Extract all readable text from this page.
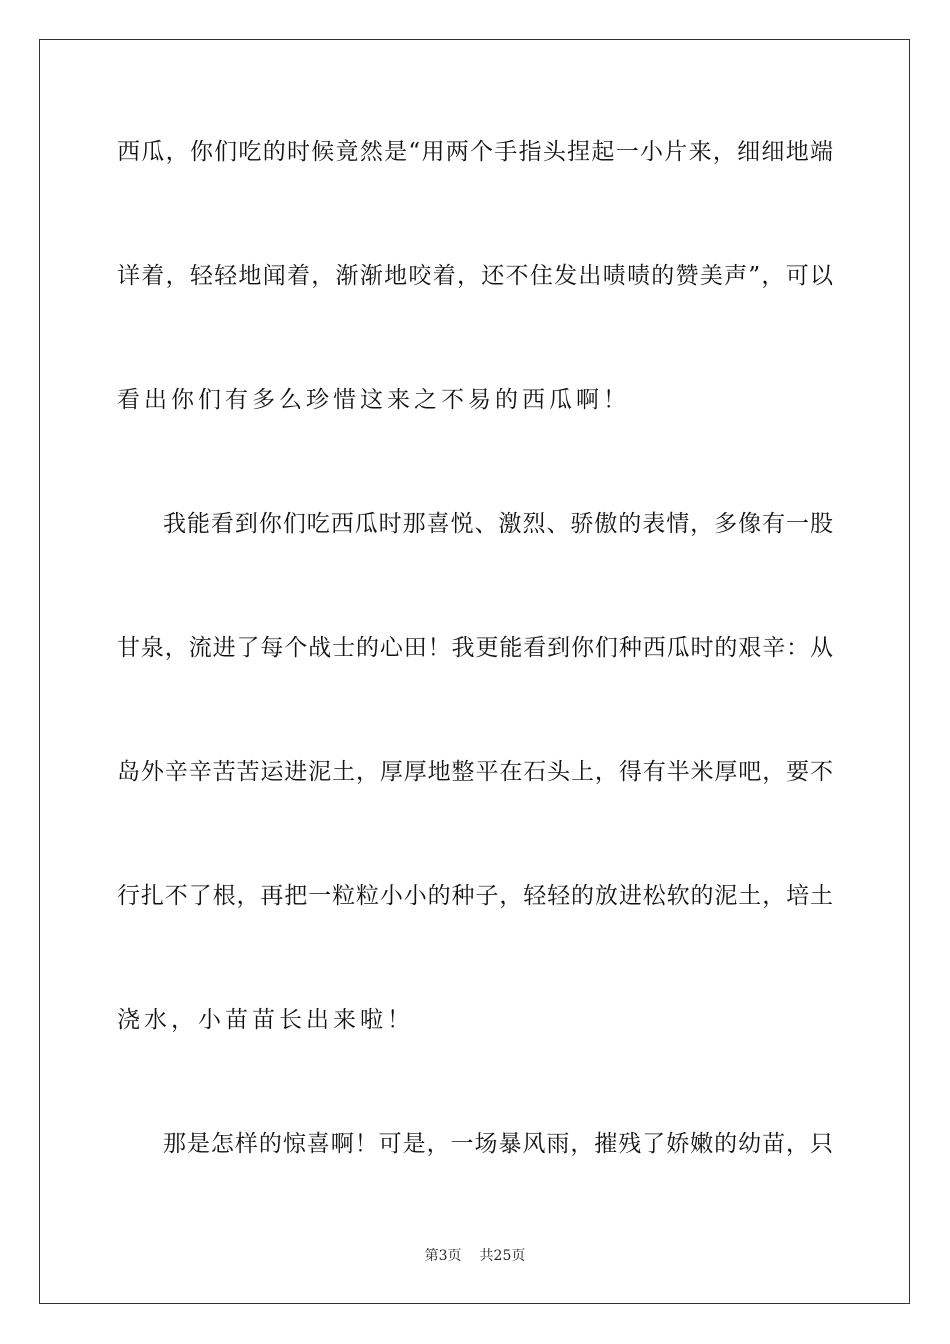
西瓜，你们吃的时候竟然是“用两个手指头捏起一小片来，细细地端
详着，轻轻地闻着，渐渐地咬着，还不住发出啧啧的赞美声”，可以
看出你们有多么珍惜这来之不易的西瓜啊！
我能看到你们吃西瓜时那喜悦、激烈、骄傲的表情，多像有一股
甘泉，流进了每个战士的心田！我更能看到你们种西瓜时的艰辛：从
岛外辛辛苦苦运进泥土，厚厚地整平在石头上，得有半米厚吧，要不
行扎不了根，再把一粒粒小小的种子，轻轻的放进松软的泥土，培土
浇水，小苗苗长出来啦！
那是怎样的惊喜啊！可是，一场暴风雨，摧残了娇嫩的幼苗，只
第3页 共25页
